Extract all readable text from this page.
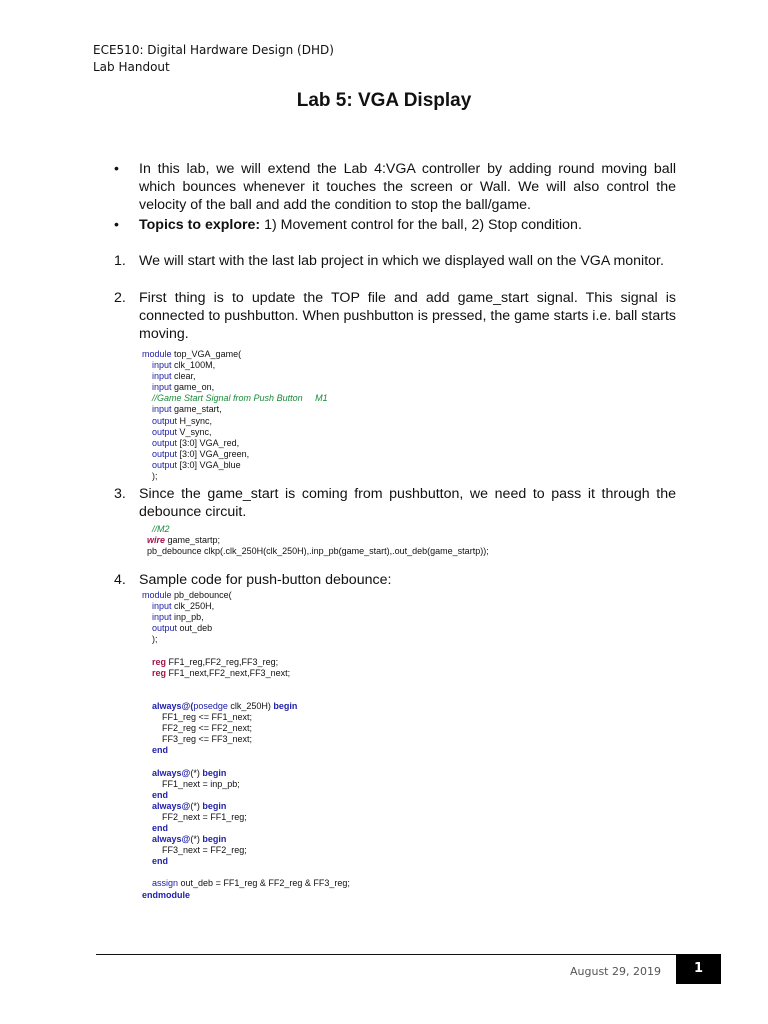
ECE510: Digital Hardware Design (DHD)
Lab Handout
Lab 5: VGA Display
• In this lab, we will extend the Lab 4:VGA controller by adding round moving ball which bounces whenever it touches the screen or Wall. We will also control the velocity of the ball and add the condition to stop the ball/game.
• Topics to explore: 1) Movement control for the ball, 2) Stop condition.
1. We will start with the last lab project in which we displayed wall on the VGA monitor.
2. First thing is to update the TOP file and add game_start signal. This signal is connected to pushbutton. When pushbutton is pressed, the game starts i.e. ball starts moving.
module top_VGA_game(
input clk_100M,
input clear,
input game_on,
//Game Start Signal from Push Button     M1
input game_start,
output H_sync,
output V_sync,
output [3:0] VGA_red,
output [3:0] VGA_green,
output [3:0] VGA_blue
);
3. Since the game_start is coming from pushbutton, we need to pass it through the debounce circuit.
//M2
wire game_startp;
pb_debounce clkp(.clk_250H(clk_250H),.inp_pb(game_start),.out_deb(game_startp));
4. Sample code for push-button debounce:
module pb_debounce(
input clk_250H,
input inp_pb,
output out_deb
);

reg FF1_reg,FF2_reg,FF3_reg;
reg FF1_next,FF2_next,FF3_next;

always@(posedge clk_250H) begin
FF1_reg <= FF1_next;
FF2_reg <= FF2_next;
FF3_reg <= FF3_next;
end

always@(*) begin
FF1_next = inp_pb;
end
always@(*) begin
FF2_next = FF1_reg;
end
always@(*) begin
FF3_next = FF2_reg;
end

assign out_deb = FF1_reg & FF2_reg & FF3_reg;
endmodule
August 29, 2019	1
